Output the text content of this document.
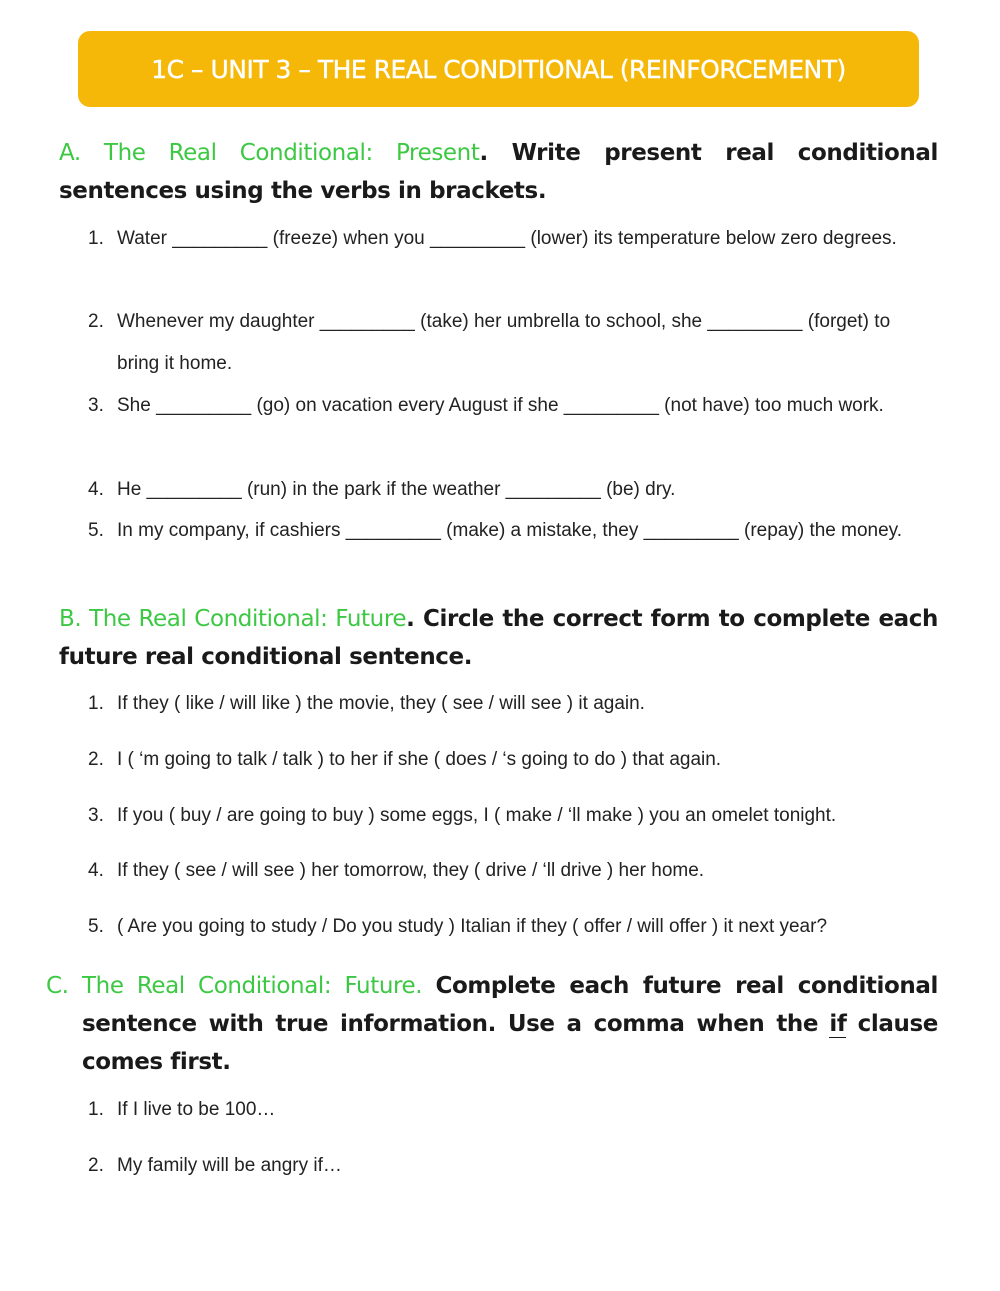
1C – UNIT 3 – THE REAL CONDITIONAL (REINFORCEMENT)
A. The Real Conditional: Present. Write present real conditional sentences using the verbs in brackets.
1. Water _________ (freeze) when you _________ (lower) its temperature below zero degrees.
2. Whenever my daughter _________ (take) her umbrella to school, she _________ (forget) to bring it home.
3. She _________ (go) on vacation every August if she _________ (not have) too much work.
4. He _________ (run) in the park if the weather _________ (be) dry.
5. In my company, if cashiers _________ (make) a mistake, they _________ (repay) the money.
B. The Real Conditional: Future. Circle the correct form to complete each future real conditional sentence.
1. If they ( like / will like ) the movie, they ( see / will see ) it again.
2. I ( ‘m going to talk / talk ) to her if she ( does / ‘s going to do ) that again.
3. If you ( buy / are going to buy ) some eggs, I ( make / ‘ll make ) you an omelet tonight.
4. If they ( see / will see ) her tomorrow, they ( drive / ‘ll drive ) her home.
5. ( Are you going to study / Do you study ) Italian if they ( offer / will offer ) it next year?
C. The Real Conditional: Future. Complete each future real conditional sentence with true information. Use a comma when the if clause comes first.
1. If I live to be 100…
2. My family will be angry if…
